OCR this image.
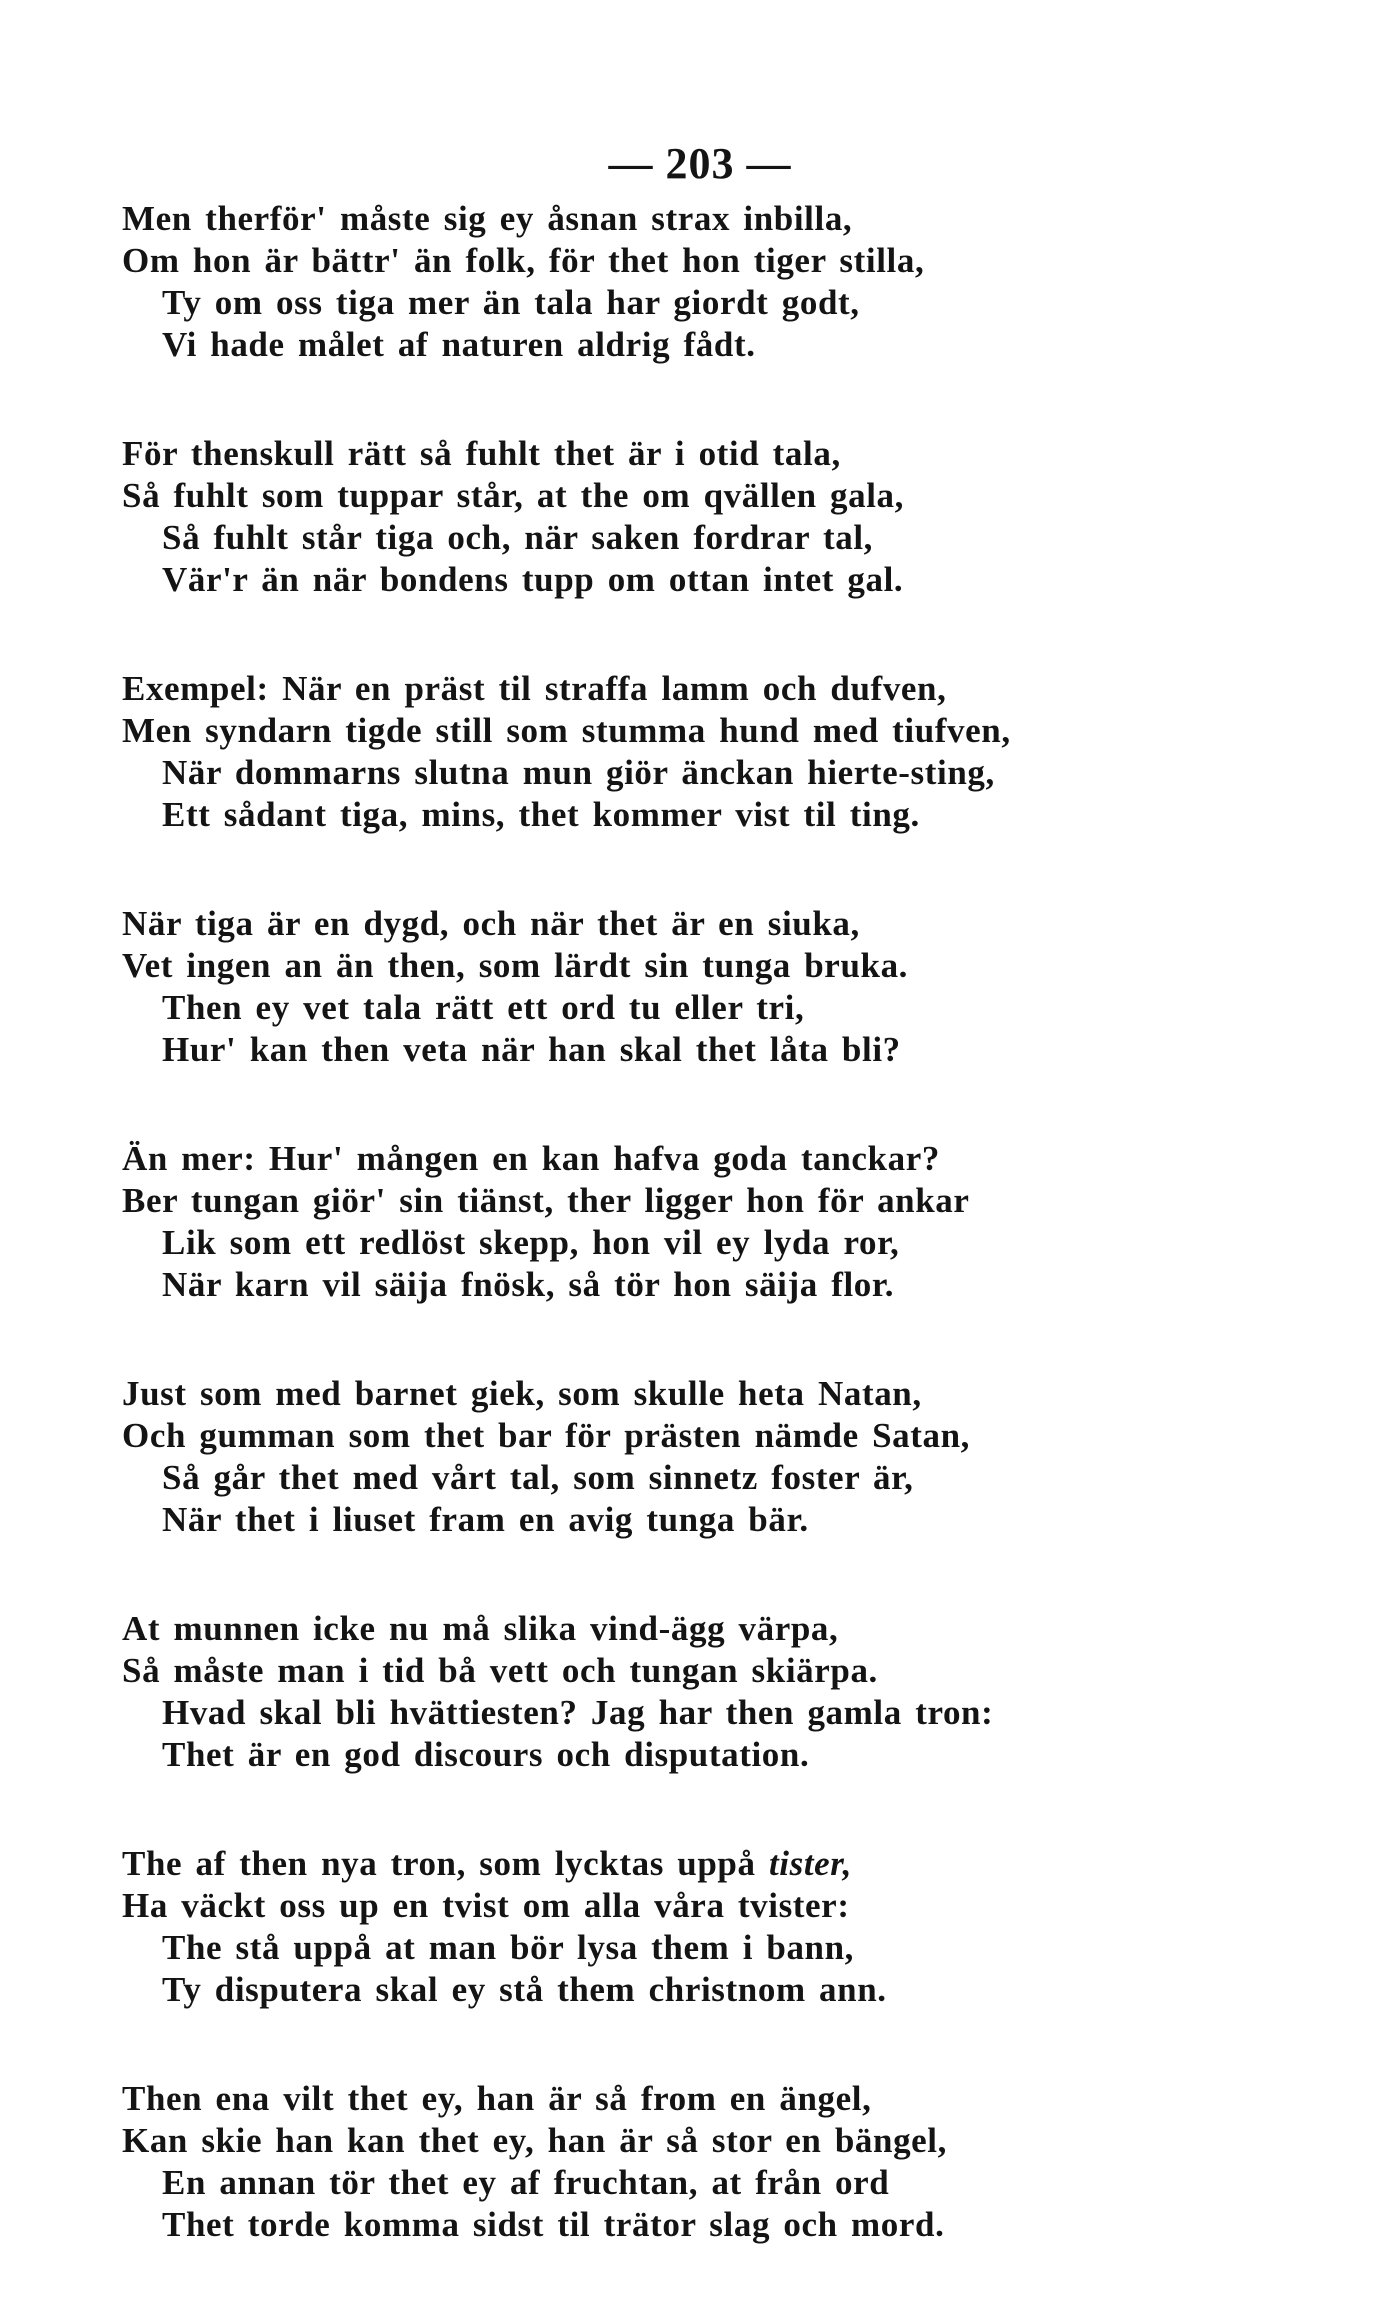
— 203 —
Men therför' måste sig ey åsnan strax inbilla,
Om hon är bättr' än folk, för thet hon tiger stilla,
Ty om oss tiga mer än tala har giordt godt,
Vi hade målet af naturen aldrig fådt.
För thenskull rätt så fuhlt thet är i otid tala,
Så fuhlt som tuppar står, at the om qvällen gala,
Så fuhlt står tiga och, när saken fordrar tal,
Vär'r än när bondens tupp om ottan intet gal.
Exempel: När en präst til straffa lamm och dufven,
Men syndarn tigde still som stumma hund med tiufven,
När dommarns slutna mun giör änckan hierte-sting,
Ett sådant tiga, mins, thet kommer vist til ting.
När tiga är en dygd, och när thet är en siuka,
Vet ingen an än then, som lärdt sin tunga bruka.
Then ey vet tala rätt ett ord tu eller tri,
Hur' kan then veta när han skal thet låta bli?
Än mer: Hur' mången en kan hafva goda tanckar?
Ber tungan giör' sin tiänst, ther ligger hon för ankar
Lik som ett redlöst skepp, hon vil ey lyda ror,
När karn vil säija fnösk, så tör hon säija flor.
Just som med barnet giek, som skulle heta Natan,
Och gumman som thet bar för prästen nämde Satan,
Så går thet med vårt tal, som sinnetz foster är,
När thet i liuset fram en avig tunga bär.
At munnen icke nu må slika vind-ägg värpa,
Så måste man i tid bå vett och tungan skiärpa.
Hvad skal bli hvättiesten? Jag har then gamla tron:
Thet är en god discours och disputation.
The af then nya tron, som lycktas uppå tister,
Ha väckt oss up en tvist om alla våra tvister:
The stå uppå at man bör lysa them i bann,
Ty disputera skal ey stå them christnom ann.
Then ena vilt thet ey, han är så from en ängel,
Kan skie han kan thet ey, han är så stor en bängel,
En annan tör thet ey af fruchtan, at från ord
Thet torde komma sidst til trätor slag och mord.
